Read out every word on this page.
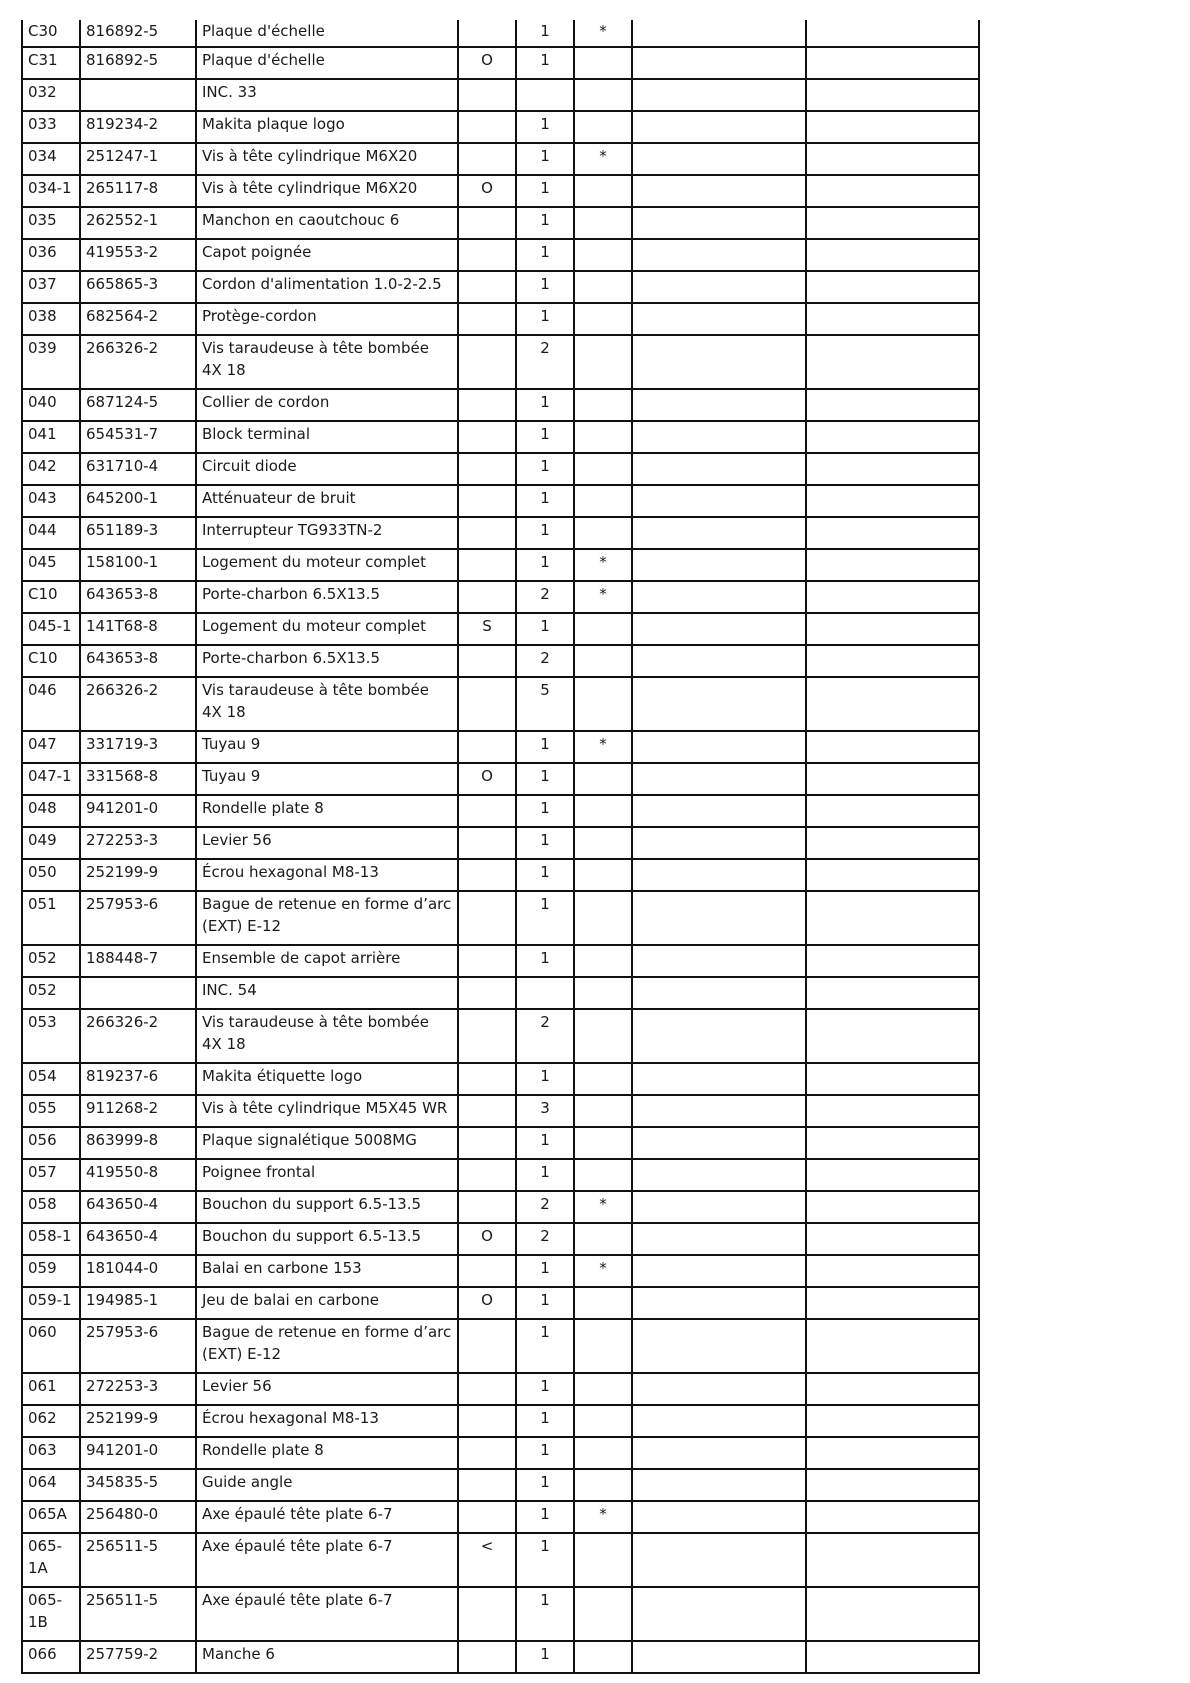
C30	816892-5	Plaque d'échelle		1	*		
C31	816892-5	Plaque d'échelle	O	1			
032		INC. 33					
033	819234-2	Makita plaque logo		1			
034	251247-1	Vis à tête cylindrique M6X20		1	*		
034-1	265117-8	Vis à tête cylindrique M6X20	O	1			
035	262552-1	Manchon en caoutchouc 6		1			
036	419553-2	Capot poignée		1			
037	665865-3	Cordon d'alimentation 1.0-2-2.5		1			
038	682564-2	Protège-cordon		1			
039	266326-2	Vis taraudeuse à tête bombée 4X 18		2			
040	687124-5	Collier de cordon		1			
041	654531-7	Block terminal		1			
042	631710-4	Circuit diode		1			
043	645200-1	Atténuateur de bruit		1			
044	651189-3	Interrupteur TG933TN-2		1			
045	158100-1	Logement du moteur complet		1	*		
C10	643653-8	Porte-charbon 6.5X13.5		2	*		
045-1	141T68-8	Logement du moteur complet	S	1			
C10	643653-8	Porte-charbon 6.5X13.5		2			
046	266326-2	Vis taraudeuse à tête bombée 4X 18		5			
047	331719-3	Tuyau 9		1	*		
047-1	331568-8	Tuyau 9	O	1			
048	941201-0	Rondelle plate 8		1			
049	272253-3	Levier 56		1			
050	252199-9	Écrou hexagonal M8-13		1			
051	257953-6	Bague de retenue en forme d’arc (EXT) E-12		1			
052	188448-7	Ensemble de capot arrière		1			
052		INC. 54					
053	266326-2	Vis taraudeuse à tête bombée 4X 18		2			
054	819237-6	Makita étiquette logo		1			
055	911268-2	Vis à tête cylindrique M5X45 WR		3			
056	863999-8	Plaque signalétique 5008MG		1			
057	419550-8	Poignee frontal		1			
058	643650-4	Bouchon du support 6.5-13.5		2	*		
058-1	643650-4	Bouchon du support 6.5-13.5	O	2			
059	181044-0	Balai en carbone 153		1	*		
059-1	194985-1	Jeu de balai en carbone	O	1			
060	257953-6	Bague de retenue en forme d’arc (EXT) E-12		1			
061	272253-3	Levier 56		1			
062	252199-9	Écrou hexagonal M8-13		1			
063	941201-0	Rondelle plate 8		1			
064	345835-5	Guide angle		1			
065A	256480-0	Axe épaulé tête plate 6-7		1	*		
065-1A	256511-5	Axe épaulé tête plate 6-7	<	1			
065-1B	256511-5	Axe épaulé tête plate 6-7		1			
066	257759-2	Manche 6		1			
